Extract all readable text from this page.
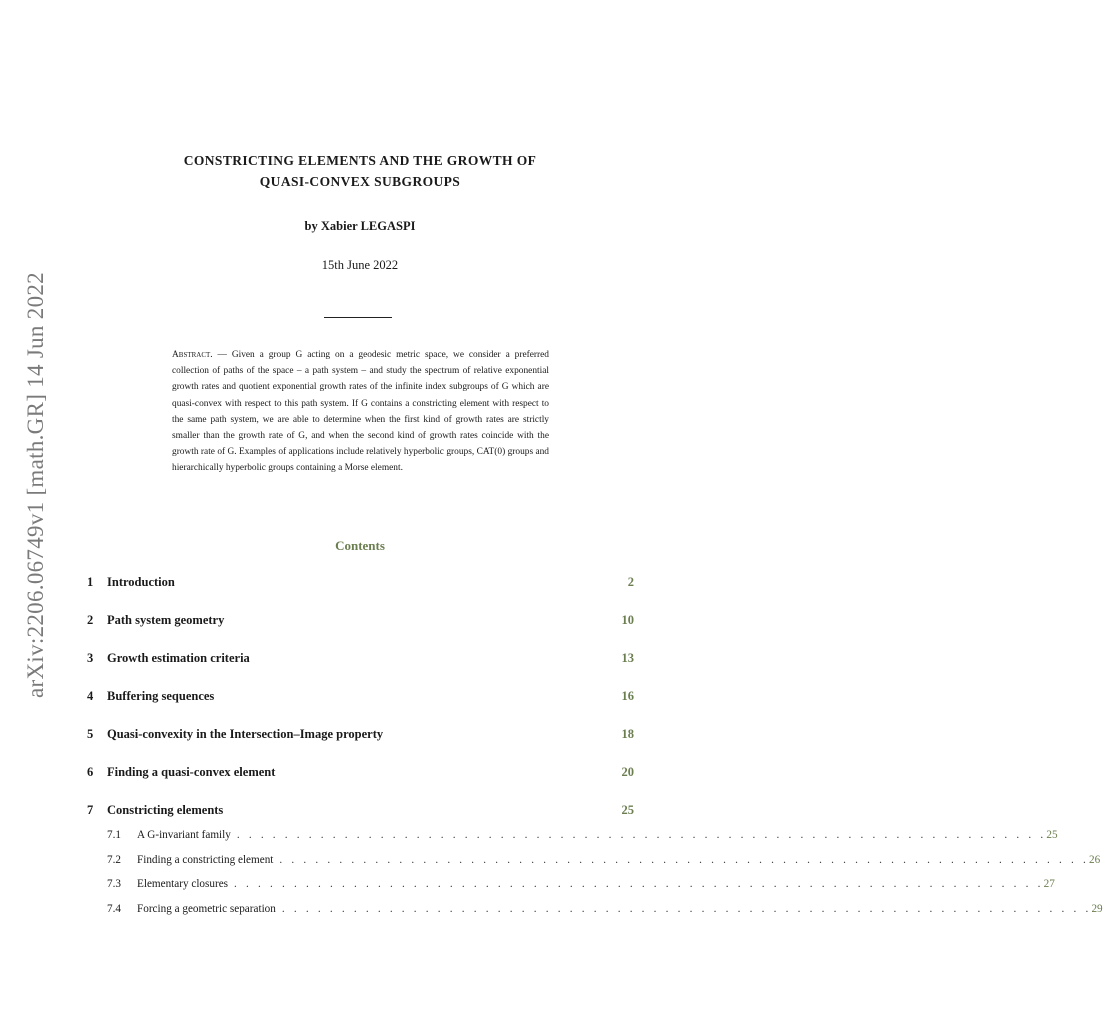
arXiv:2206.06749v1 [math.GR] 14 Jun 2022
CONSTRICTING ELEMENTS AND THE GROWTH OF
QUASI-CONVEX SUBGROUPS
by Xabier LEGASPI
15th June 2022
Abstract. — Given a group G acting on a geodesic metric space, we consider a preferred collection of paths of the space – a path system – and study the spectrum of relative exponential growth rates and quotient exponential growth rates of the infinite index subgroups of G which are quasi-convex with respect to this path system. If G contains a constricting element with respect to the same path system, we are able to determine when the first kind of growth rates are strictly smaller than the growth rate of G, and when the second kind of growth rates coincide with the growth rate of G. Examples of applications include relatively hyperbolic groups, CAT(0) groups and hierarchically hyperbolic groups containing a Morse element.
Contents
1 Introduction	2
2 Path system geometry	10
3 Growth estimation criteria	13
4 Buffering sequences	16
5 Quasi-convexity in the Intersection–Image property	18
6 Finding a quasi-convex element	20
7 Constricting elements	25
7.1 A G-invariant family . . . . . . . . . . . . . . . . . . . . . . . . . . . . . . . . . . . . . . . . . . . . . . . . . . . . . . . . . . . . . . . . . . . . 25
7.2 Finding a constricting element . . . . . . . . . . . . . . . . . . . . . . . . . . . . . . . . . . . . . . . . . . . . . . . . . . . . . . . . . . . . . . . . . . . . 26
7.3 Elementary closures . . . . . . . . . . . . . . . . . . . . . . . . . . . . . . . . . . . . . . . . . . . . . . . . . . . . . . . . . . . . . . . . . . . . 27
7.4 Forcing a geometric separation . . . . . . . . . . . . . . . . . . . . . . . . . . . . . . . . . . . . . . . . . . . . . . . . . . . . . . . . . . . . . . . . . . . . 29
